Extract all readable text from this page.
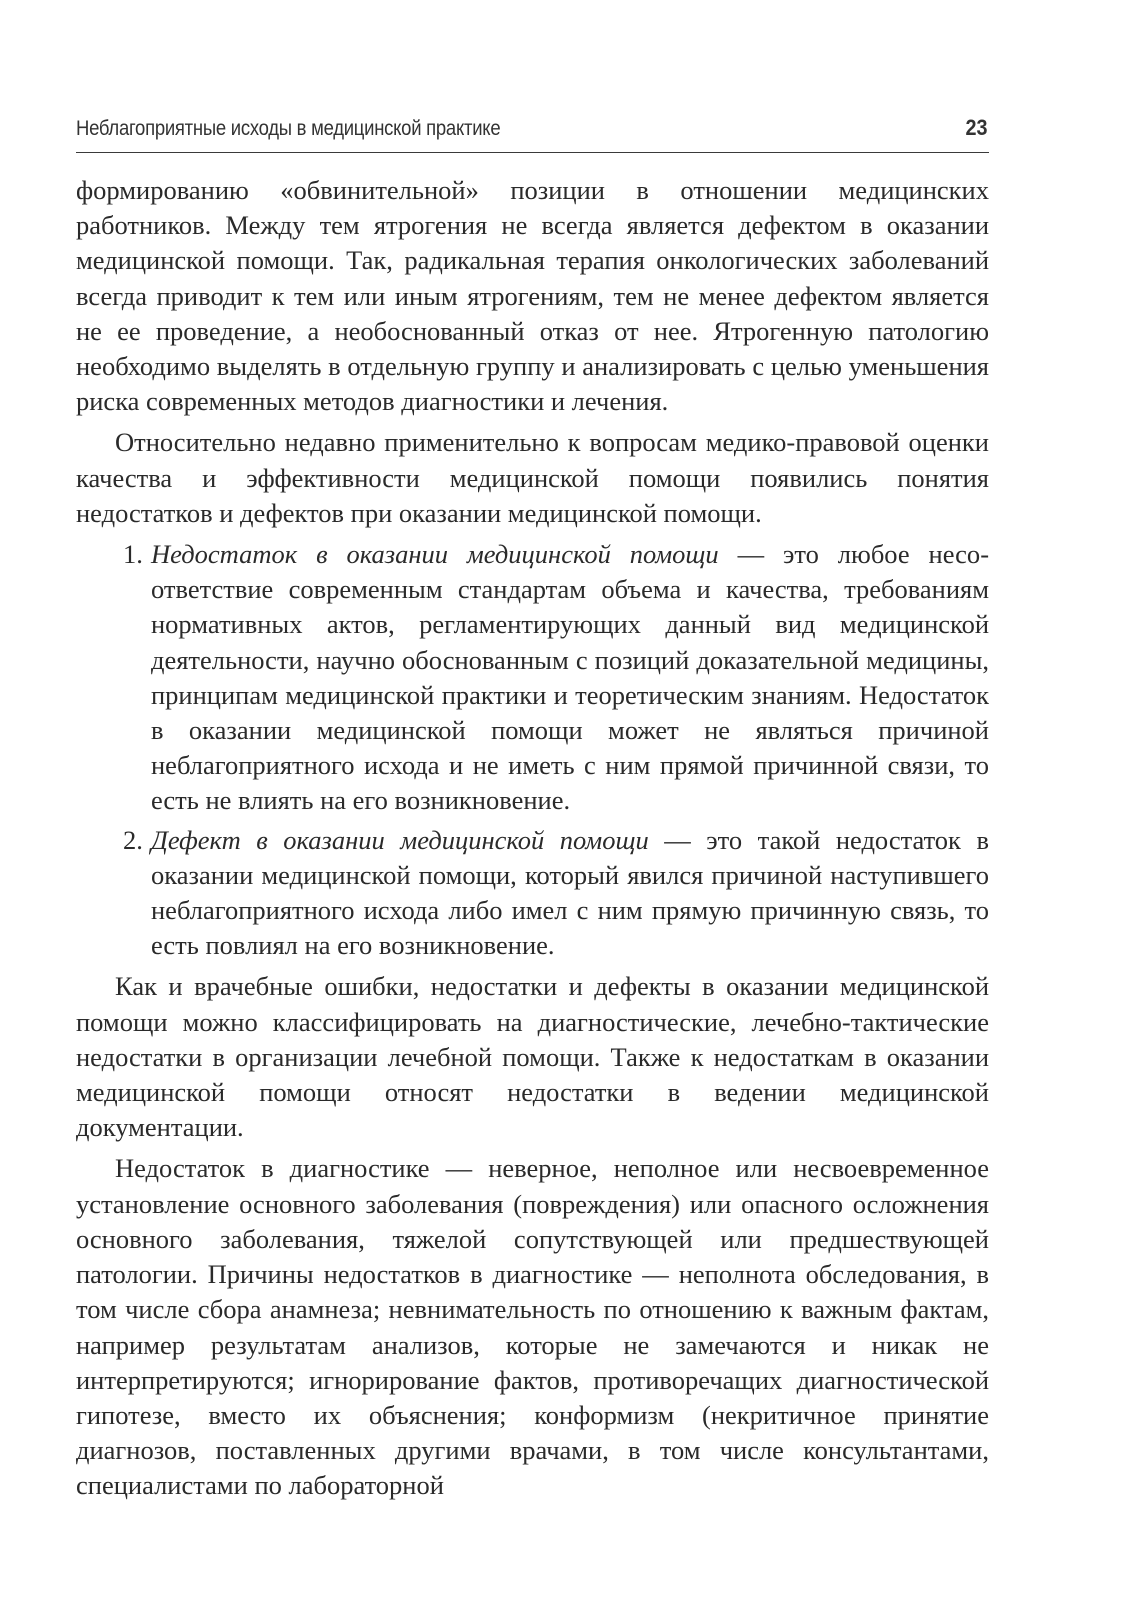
Неблагоприятные исходы в медицинской практике	23

формированию «обвинительной» позиции в отношении медицинских работников. Между тем ятрогения не всегда является дефектом в оказании медицинской помощи. Так, радикальная терапия онкологических заболеваний всегда приводит к тем или иным ятрогениям, тем не менее дефектом является не ее проведение, а необоснованный отказ от нее. Ятрогенную патологию необходимо выделять в отдельную группу и анализировать с целью уменьшения риска современных методов диагностики и лечения.

Относительно недавно применительно к вопросам медико-правовой оценки качества и эффективности медицинской помощи появились понятия недостатков и дефектов при оказании медицинской помощи.

1. Недостаток в оказании медицинской помощи — это любое несоответствие современным стандартам объема и качества, требованиям нормативных актов, регламентирующих данный вид медицинской деятельности, научно обоснованным с позиций доказательной медицины, принципам медицинской практики и теоретическим знаниям. Недостаток в оказании медицинской помощи может не являться причиной неблагоприятного исхода и не иметь с ним прямой причинной связи, то есть не влиять на его возникновение.
2. Дефект в оказании медицинской помощи — это такой недостаток в оказании медицинской помощи, который явился причиной наступившего неблагоприятного исхода либо имел с ним прямую причинную связь, то есть повлиял на его возникновение.

Как и врачебные ошибки, недостатки и дефекты в оказании медицинской помощи можно классифицировать на диагностические, лечебно-тактические недостатки в организации лечебной помощи. Также к недостаткам в оказании медицинской помощи относят недостатки в ведении медицинской документации.

Недостаток в диагностике — неверное, неполное или несвоевременное установление основного заболевания (повреждения) или опасного осложнения основного заболевания, тяжелой сопутствующей или предшествующей патологии. Причины недостатков в диагностике — неполнота обследования, в том числе сбора анамнеза; невнимательность по отношению к важным фактам, например результатам анализов, которые не замечаются и никак не интерпретируются; игнорирование фактов, противоречащих диагностической гипотезе, вместо их объяснения; конформизм (некритичное принятие диагнозов, поставленных другими врачами, в том числе консультантами, специалистами по лабораторной
